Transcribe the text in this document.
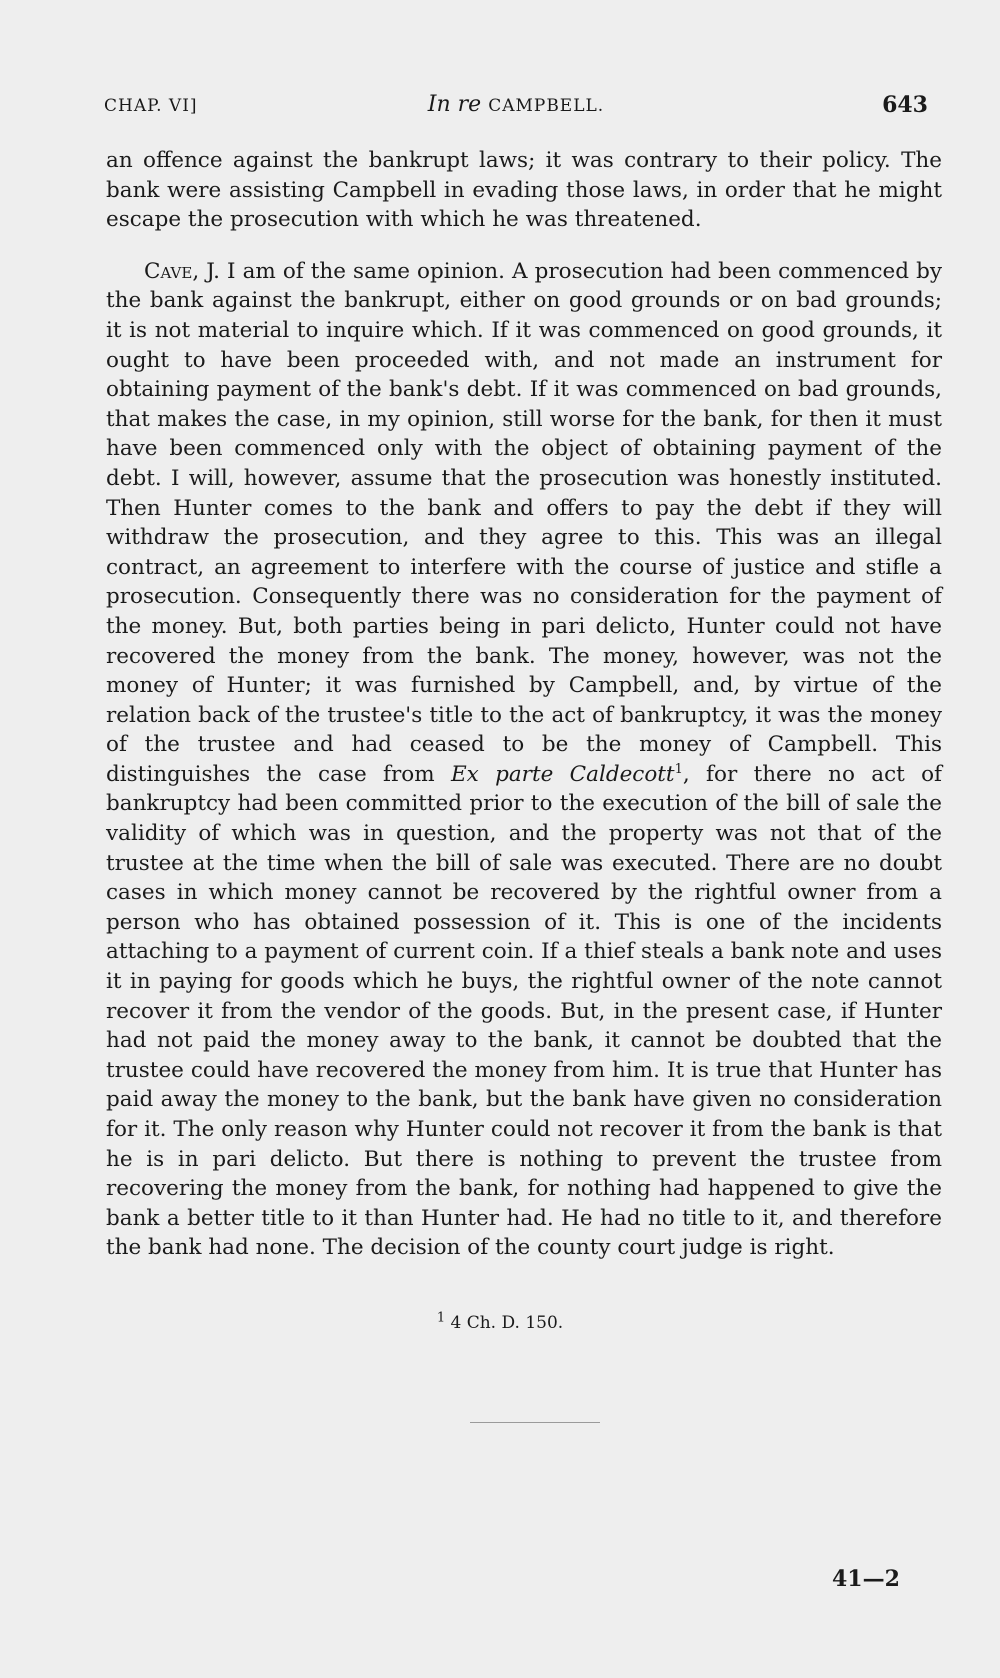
CHAP. VI]	In re CAMPBELL.	643

an offence against the bankrupt laws; it was contrary to their policy. The bank were assisting Campbell in evading those laws, in order that he might escape the prosecution with which he was threatened.

Cave, J. I am of the same opinion. A prosecution had been commenced by the bank against the bankrupt, either on good grounds or on bad grounds; it is not material to inquire which. If it was commenced on good grounds, it ought to have been proceeded with, and not made an instrument for obtaining payment of the bank's debt. If it was commenced on bad grounds, that makes the case, in my opinion, still worse for the bank, for then it must have been commenced only with the object of obtaining payment of the debt. I will, however, assume that the prosecution was honestly instituted. Then Hunter comes to the bank and offers to pay the debt if they will withdraw the prosecution, and they agree to this. This was an illegal contract, an agreement to interfere with the course of justice and stifle a prosecution. Consequently there was no consideration for the payment of the money. But, both parties being in pari delicto, Hunter could not have recovered the money from the bank. The money, however, was not the money of Hunter; it was furnished by Campbell, and, by virtue of the relation back of the trustee's title to the act of bankruptcy, it was the money of the trustee and had ceased to be the money of Campbell. This distinguishes the case from Ex parte Caldecott$^1$, for there no act of bankruptcy had been committed prior to the execution of the bill of sale the validity of which was in question, and the property was not that of the trustee at the time when the bill of sale was executed. There are no doubt cases in which money cannot be recovered by the rightful owner from a person who has obtained possession of it. This is one of the incidents attaching to a payment of current coin. If a thief steals a bank note and uses it in paying for goods which he buys, the rightful owner of the note cannot recover it from the vendor of the goods. But, in the present case, if Hunter had not paid the money away to the bank, it cannot be doubted that the trustee could have recovered the money from him. It is true that Hunter has paid away the money to the bank, but the bank have given no consideration for it. The only reason why Hunter could not recover it from the bank is that he is in pari delicto. But there is nothing to prevent the trustee from recovering the money from the bank, for nothing had happened to give the bank a better title to it than Hunter had. He had no title to it, and therefore the bank had none. The decision of the county court judge is right.

$^1$ 4 Ch. D. 150.
41—2
